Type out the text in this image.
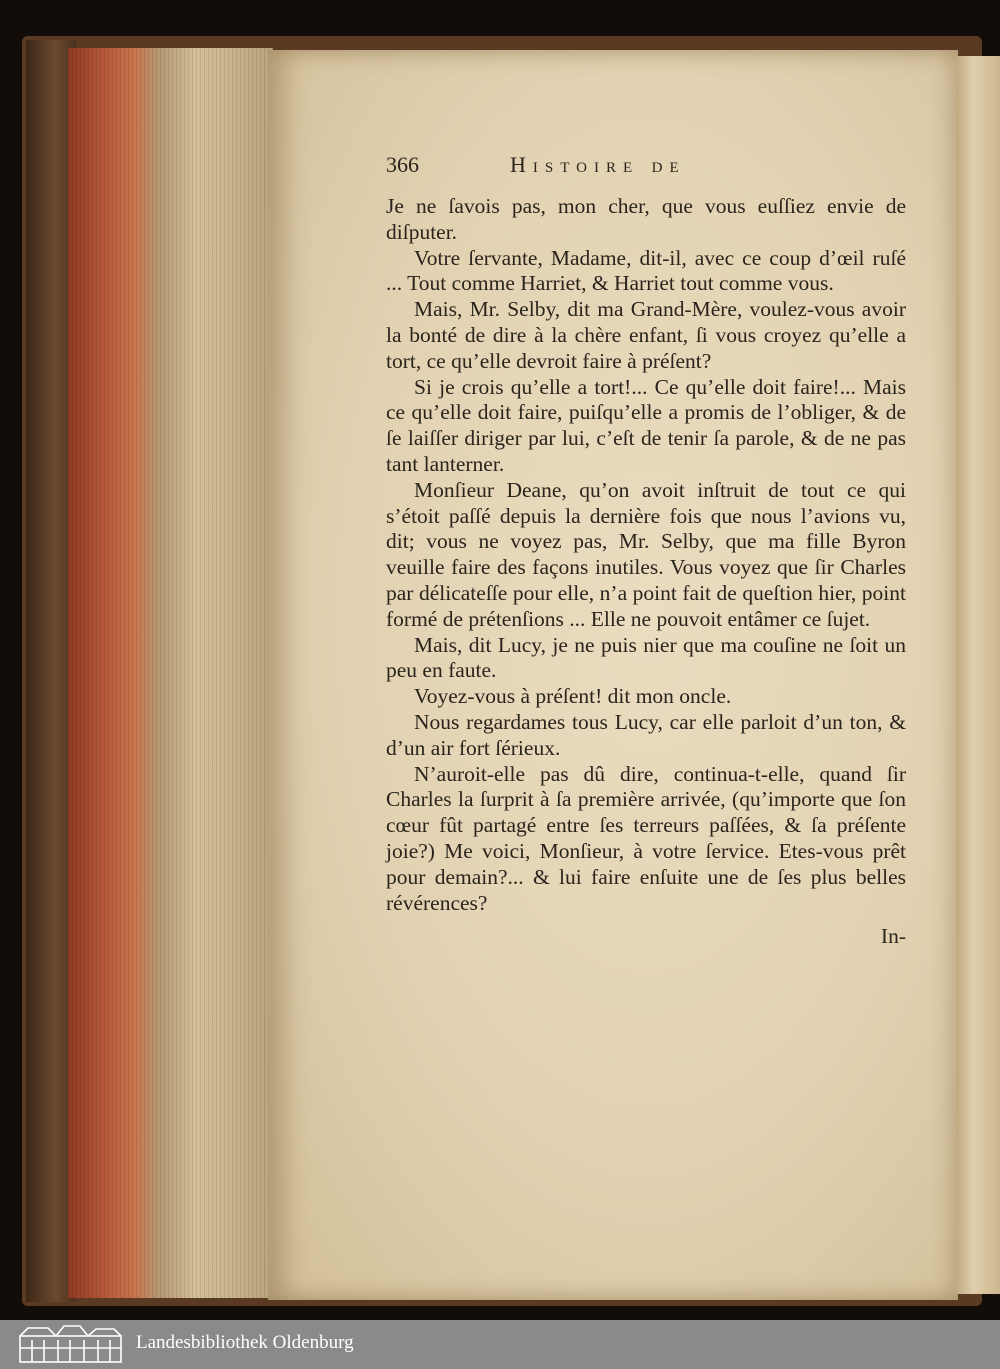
366	Histoire de

Je ne ſavois pas, mon cher, que vous euſſiez envie de diſputer.

Votre ſervante, Madame, dit-il, avec ce coup d’œil ruſé ... Tout comme Harriet, & Harriet tout comme vous.

Mais, Mr. Selby, dit ma Grand-Mère, voulez-vous avoir la bonté de dire à la chère enfant, ſi vous croyez qu’elle a tort, ce qu’elle devroit faire à préſent?

Si je crois qu’elle a tort!... Ce qu’elle doit faire!... Mais ce qu’elle doit faire, puiſqu’elle a promis de l’obliger, & de ſe laiſſer diriger par lui, c’eſt de tenir ſa parole, & de ne pas tant lanterner.

Monſieur Deane, qu’on avoit inſtruit de tout ce qui s’étoit paſſé depuis la dernière fois que nous l’avions vu, dit; vous ne voyez pas, Mr. Selby, que ma fille Byron veuille faire des façons inutiles. Vous voyez que ſir Charles par délicateſſe pour elle, n’a point fait de queſtion hier, point formé de prétenſions ... Elle ne pouvoit entâmer ce ſujet.

Mais, dit Lucy, je ne puis nier que ma couſine ne ſoit un peu en faute.

Voyez-vous à préſent! dit mon oncle.

Nous regardames tous Lucy, car elle parloit d’un ton, & d’un air fort ſérieux.

N’auroit-elle pas dû dire, continua-t-elle, quand ſir Charles la ſurprit à ſa première arrivée, (qu’importe que ſon cœur fût partagé entre ſes terreurs paſſées, & ſa préſente joie?) Me voici, Monſieur, à votre ſervice. Etes-vous prêt pour demain?... & lui faire enſuite une de ſes plus belles révérences?

In-
Landesbibliothek Oldenburg
